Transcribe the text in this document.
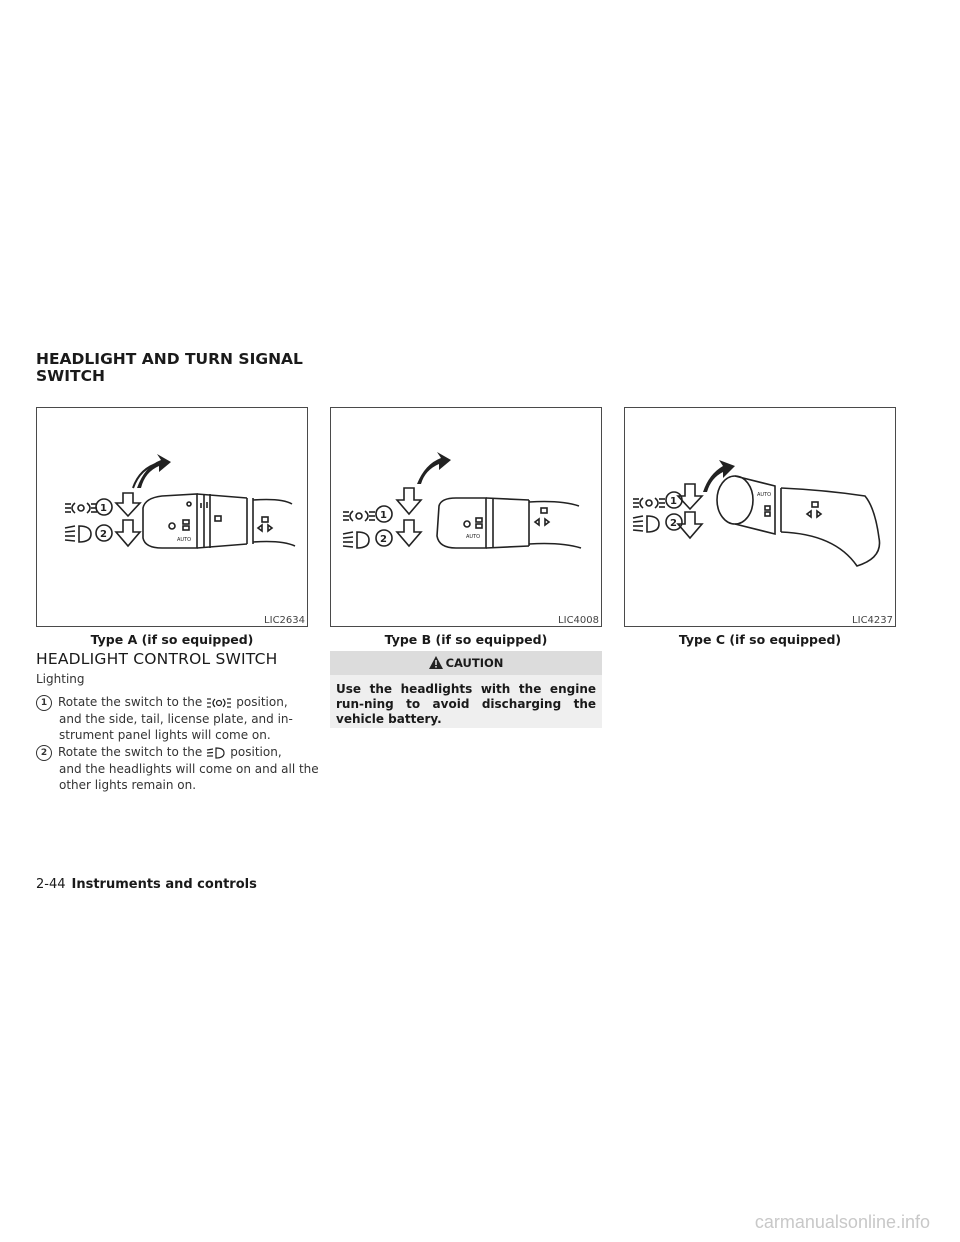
HEADLIGHT AND TURN SIGNAL
SWITCH
1
2	AUTO
LIC2634
1
2	AUTO
LIC4008
1
2
AUTO
LIC4237
Type A (if so equipped)	Type B (if so equipped)	Type C (if so equipped)
HEADLIGHT CONTROL SWITCH
Lighting
1 Rotate the switch to the	position,
and the side, tail, license plate, and in-strument panel lights will come on.
2 Rotate the switch to the position,
and the headlights will come on and all the other lights remain on.
CAUTION
Use the headlights with the engine run-ning to avoid discharging the vehicle battery.
2-44 Instruments and controls
carmanualsonline.info
